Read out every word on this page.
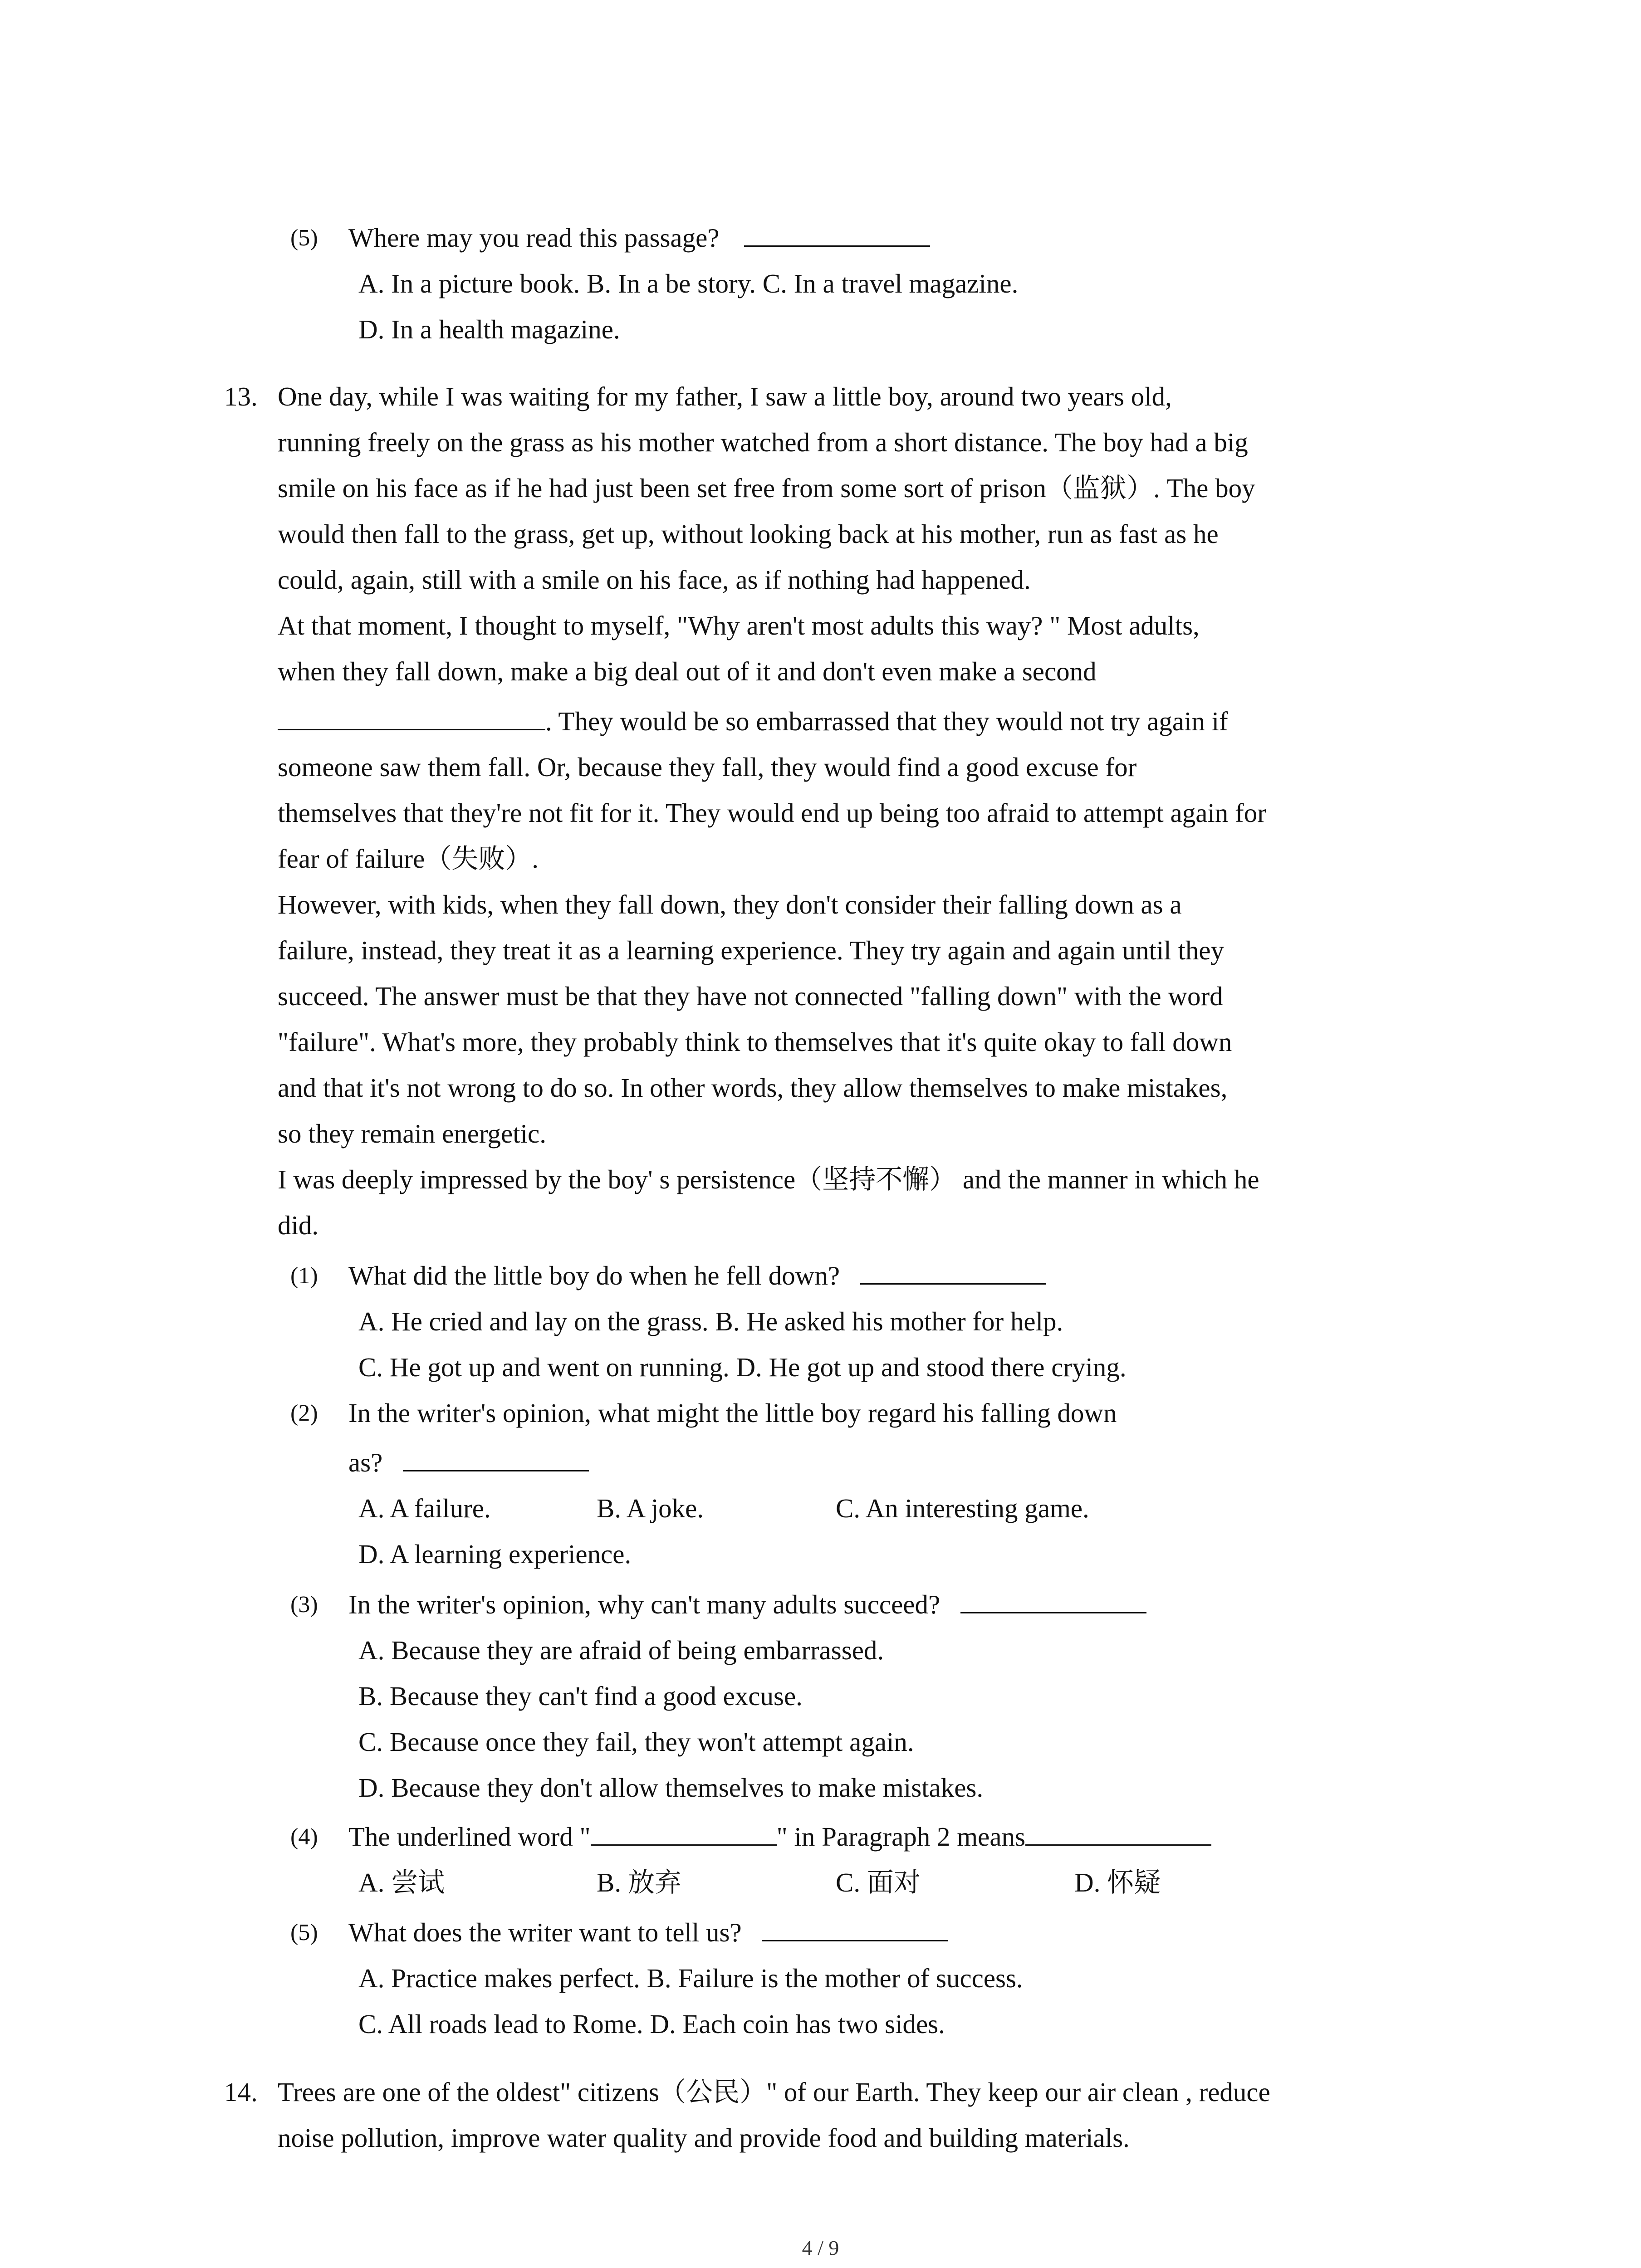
(5) Where may you read this passage?
A. In a picture book. B. In a be story. C. In a travel magazine.
D. In a health magazine.
13. One day, while I was waiting for my father, I saw a little boy, around two years old,
running freely on the grass as his mother watched from a short distance. The boy had a big
smile on his face as if he had just been set free from some sort of prison（监狱）. The boy
would then fall to the grass, get up, without looking back at his mother, run as fast as he
could, again, still with a smile on his face, as if nothing had happened.
At that moment, I thought to myself, "Why aren't most adults this way? " Most adults,
when they fall down, make a big deal out of it and don't even make a second
. They would be so embarrassed that they would not try again if
someone saw them fall. Or, because they fall, they would find a good excuse for
themselves that they're not fit for it. They would end up being too afraid to attempt again for
fear of failure（失败）.
However, with kids, when they fall down, they don't consider their falling down as a
failure, instead, they treat it as a learning experience. They try again and again until they
succeed. The answer must be that they have not connected "falling down" with the word
"failure". What's more, they probably think to themselves that it's quite okay to fall down
and that it's not wrong to do so. In other words, they allow themselves to make mistakes,
so they remain energetic.
I was deeply impressed by the boy' s persistence（坚持不懈） and the manner in which he
did.
(1) What did the little boy do when he fell down?
A. He cried and lay on the grass. B. He asked his mother for help.
C. He got up and went on running. D. He got up and stood there crying.
(2) In the writer's opinion, what might the little boy regard his falling down
as?
A. A failure.	B. A joke.	C. An interesting game.
D. A learning experience.
(3) In the writer's opinion, why can't many adults succeed?
A. Because they are afraid of being embarrassed.
B. Because they can't find a good excuse.
C. Because once they fail, they won't attempt again.
D. Because they don't allow themselves to make mistakes.
(4) The underlined word "	" in Paragraph 2 means
A. 尝试	B. 放弃	C. 面对	D. 怀疑
(5) What does the writer want to tell us?
A. Practice makes perfect. B. Failure is the mother of success.
C. All roads lead to Rome. D. Each coin has two sides.
14. Trees are one of the oldest" citizens（公民）" of our Earth. They keep our air clean , reduce
noise pollution, improve water quality and provide food and building materials.
4 / 9
